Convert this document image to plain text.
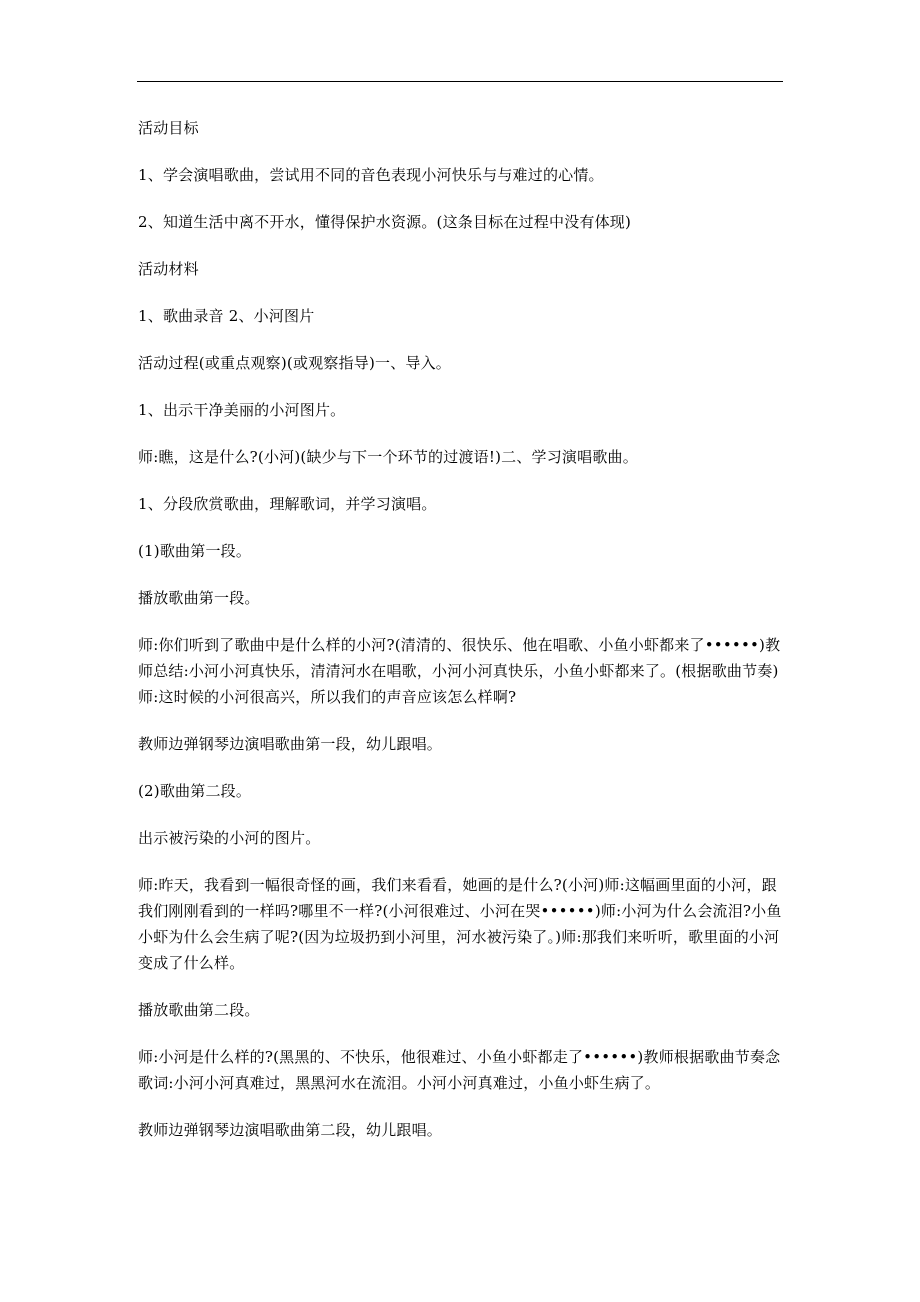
活动目标

1、学会演唱歌曲，尝试用不同的音色表现小河快乐与与难过的心情。

2、知道生活中离不开水，懂得保护水资源。(这条目标在过程中没有体现)

活动材料

1、歌曲录音 2、小河图片

活动过程(或重点观察)(或观察指导)一、导入。

1、出示干净美丽的小河图片。

师:瞧，这是什么?(小河)(缺少与下一个环节的过渡语!)二、学习演唱歌曲。

1、分段欣赏歌曲，理解歌词，并学习演唱。

(1)歌曲第一段。

播放歌曲第一段。

师:你们听到了歌曲中是什么样的小河?(清清的、很快乐、他在唱歌、小鱼小虾都来了••••••)教师总结:小河小河真快乐，清清河水在唱歌，小河小河真快乐，小鱼小虾都来了。(根据歌曲节奏)师:这时候的小河很高兴，所以我们的声音应该怎么样啊?

教师边弹钢琴边演唱歌曲第一段，幼儿跟唱。

(2)歌曲第二段。

出示被污染的小河的图片。

师:昨天，我看到一幅很奇怪的画，我们来看看，她画的是什么?(小河)师:这幅画里面的小河，跟我们刚刚看到的一样吗?哪里不一样?(小河很难过、小河在哭••••••)师:小河为什么会流泪?小鱼小虾为什么会生病了呢?(因为垃圾扔到小河里，河水被污染了。)师:那我们来听听，歌里面的小河变成了什么样。

播放歌曲第二段。

师:小河是什么样的?(黑黑的、不快乐，他很难过、小鱼小虾都走了••••••)教师根据歌曲节奏念歌词:小河小河真难过，黑黑河水在流泪。小河小河真难过，小鱼小虾生病了。

教师边弹钢琴边演唱歌曲第二段，幼儿跟唱。
